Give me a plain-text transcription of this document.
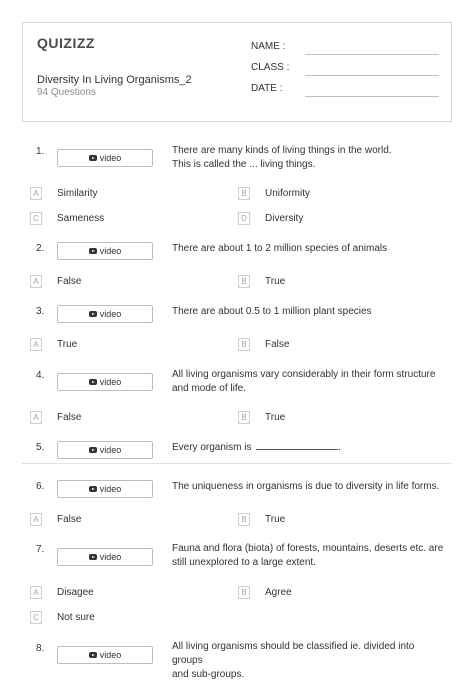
QUIZIZZ
Diversity In Living Organisms_2
94 Questions
NAME :
CLASS :
DATE :
1.
video
There are many kinds of living things in the world.
This is called the ... living things.
A	Similarity	B	Uniformity
C	Sameness	D	Diversity
2.	video	There are about 1 to 2 million species of animals
A	False	B	True
3.	video	There are about 0.5 to 1 million plant species
A	True	B	False
4.
video
All living organisms vary considerably in their form structure
and mode of life.
A	False	B	True
5.	video	Every organism is	.
6.	video	The uniqueness in organisms is due to diversity in life forms.
A	False	B	True
7.
video
Fauna and flora (biota) of forests, mountains, deserts etc. are
still unexplored to a large extent.
A	Disagee	B	Agree
C	Not sure
8.
video
All living organisms should be classified ie. divided into groups
and sub-groups.
